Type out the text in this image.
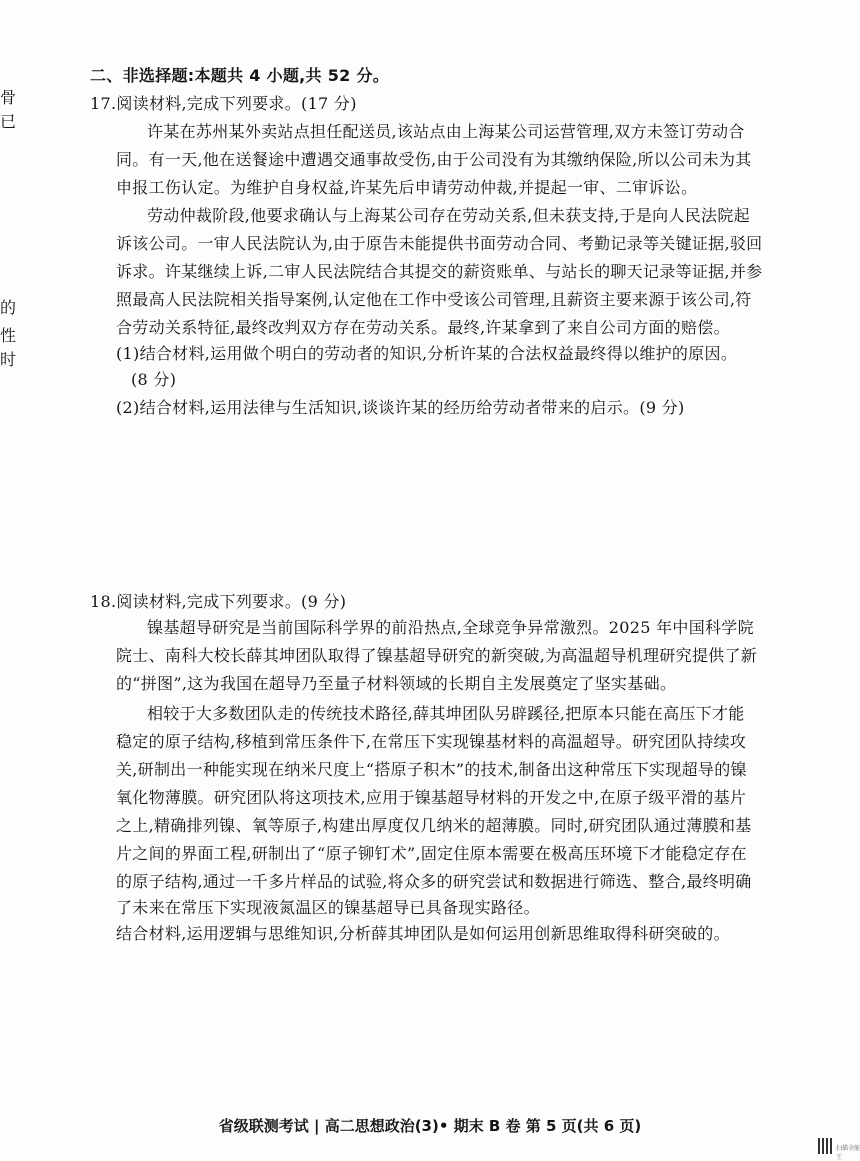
骨
已
的
性
时
二、非选择题:本题共 4 小题,共 52 分。
17.阅读材料,完成下列要求。(17 分)
许某在苏州某外卖站点担任配送员,该站点由上海某公司运营管理,双方未签订劳动合
同。有一天,他在送餐途中遭遇交通事故受伤,由于公司没有为其缴纳保险,所以公司未为其
申报工伤认定。为维护自身权益,许某先后申请劳动仲裁,并提起一审、二审诉讼。
劳动仲裁阶段,他要求确认与上海某公司存在劳动关系,但未获支持,于是向人民法院起
诉该公司。一审人民法院认为,由于原告未能提供书面劳动合同、考勤记录等关键证据,驳回
诉求。许某继续上诉,二审人民法院结合其提交的薪资账单、与站长的聊天记录等证据,并参
照最高人民法院相关指导案例,认定他在工作中受该公司管理,且薪资主要来源于该公司,符
合劳动关系特征,最终改判双方存在劳动关系。最终,许某拿到了来自公司方面的赔偿。
(1)结合材料,运用做个明白的劳动者的知识,分析许某的合法权益最终得以维护的原因。
(8 分)
(2)结合材料,运用法律与生活知识,谈谈许某的经历给劳动者带来的启示。(9 分)
18.阅读材料,完成下列要求。(9 分)
镍基超导研究是当前国际科学界的前沿热点,全球竞争异常激烈。2025 年中国科学院
院士、南科大校长薛其坤团队取得了镍基超导研究的新突破,为高温超导机理研究提供了新
的“拼图”,这为我国在超导乃至量子材料领域的长期自主发展奠定了坚实基础。
相较于大多数团队走的传统技术路径,薛其坤团队另辟蹊径,把原本只能在高压下才能
稳定的原子结构,移植到常压条件下,在常压下实现镍基材料的高温超导。研究团队持续攻
关,研制出一种能实现在纳米尺度上“搭原子积木”的技术,制备出这种常压下实现超导的镍
氧化物薄膜。研究团队将这项技术,应用于镍基超导材料的开发之中,在原子级平滑的基片
之上,精确排列镍、氧等原子,构建出厚度仅几纳米的超薄膜。同时,研究团队通过薄膜和基
片之间的界面工程,研制出了“原子铆钉术”,固定住原本需要在极高压环境下才能稳定存在
的原子结构,通过一千多片样品的试验,将众多的研究尝试和数据进行筛选、整合,最终明确
了未来在常压下实现液氮温区的镍基超导已具备现实路径。
结合材料,运用逻辑与思维知识,分析薛其坤团队是如何运用创新思维取得科研突破的。
省级联测考试 | 高二思想政治(3)• 期末 B 卷 第 5 页(共 6 页)
扫描全能王
